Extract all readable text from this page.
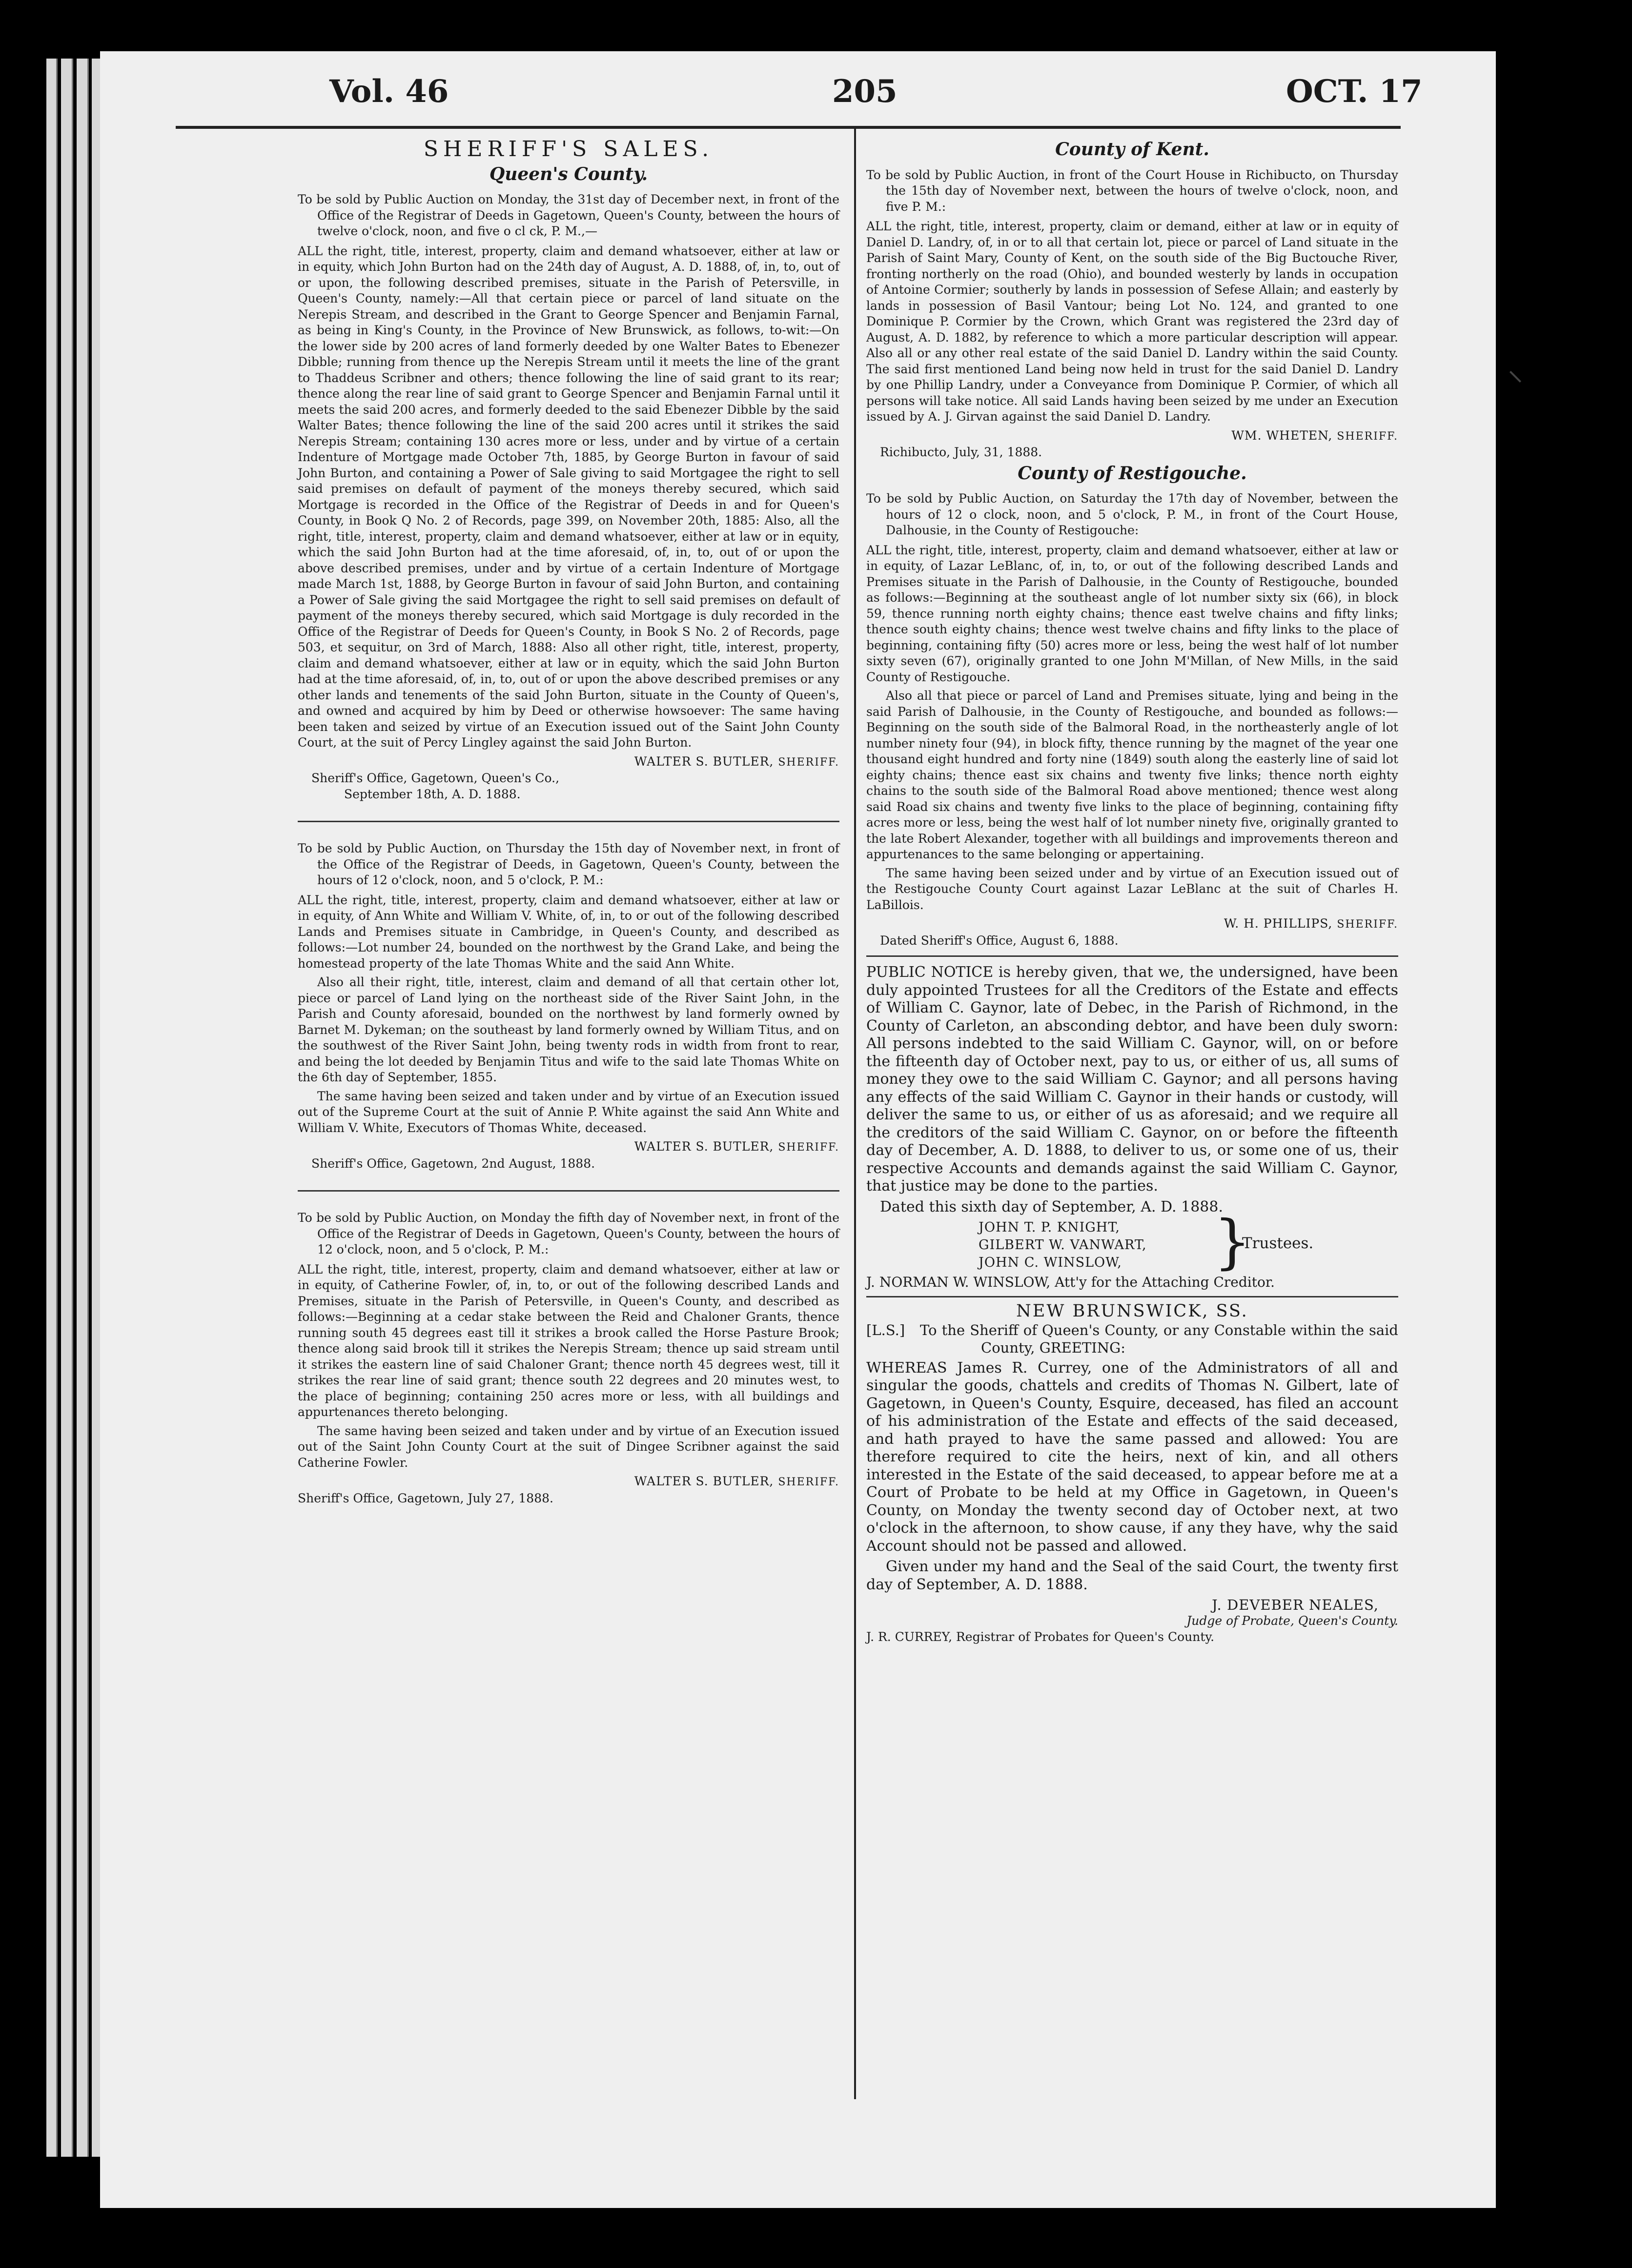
Vol. 46	205	OCT. 17
SHERIFF'S SALES.
Queen's County.

To be sold by Public Auction on Monday, the 31st day of December next, in front of the Office of the Registrar of Deeds in Gagetown, Queen's County, between the hours of twelve o'clock, noon, and five o cl ck, P. M.,—

ALL the right, title, interest, property, claim and demand whatsoever, either at law or in equity, which John Burton had on the 24th day of August, A. D. 1888, of, in, to, out of or upon, the following described premises, situate in the Parish of Petersville, in Queen's County, namely:—All that certain piece or parcel of land situate on the Nerepis Stream, and described in the Grant to George Spencer and Benjamin Farnal, as being in King's County, in the Province of New Brunswick, as follows, to-wit:—On the lower side by 200 acres of land formerly deeded by one Walter Bates to Ebenezer Dibble; running from thence up the Nerepis Stream until it meets the line of the grant to Thaddeus Scribner and others; thence following the line of said grant to its rear; thence along the rear line of said grant to George Spencer and Benjamin Farnal until it meets the said 200 acres, and formerly deeded to the said Ebenezer Dibble by the said Walter Bates; thence following the line of the said 200 acres until it strikes the said Nerepis Stream; containing 130 acres more or less, under and by virtue of a certain Indenture of Mortgage made October 7th, 1885, by George Burton in favour of said John Burton, and containing a Power of Sale giving to said Mortgagee the right to sell said premises on default of payment of the moneys thereby secured, which said Mortgage is recorded in the Office of the Registrar of Deeds in and for Queen's County, in Book Q No. 2 of Records, page 399, on November 20th, 1885: Also, all the right, title, interest, property, claim and demand whatsoever, either at law or in equity, which the said John Burton had at the time aforesaid, of, in, to, out of or upon the above described premises, under and by virtue of a certain Indenture of Mortgage made March 1st, 1888, by George Burton in favour of said John Burton, and containing a Power of Sale giving the said Mortgagee the right to sell said premises on default of payment of the moneys thereby secured, which said Mortgage is duly recorded in the Office of the Registrar of Deeds for Queen's County, in Book S No. 2 of Records, page 503, et sequitur, on 3rd of March, 1888: Also all other right, title, interest, property, claim and demand whatsoever, either at law or in equity, which the said John Burton had at the time aforesaid, of, in, to, out of or upon the above described premises or any other lands and tenements of the said John Burton, situate in the County of Queen's, and owned and acquired by him by Deed or otherwise howsoever: The same having been taken and seized by virtue of an Execution issued out of the Saint John County Court, at the suit of Percy Lingley against the said John Burton.

WALTER S. BUTLER, SHERIFF.
Sheriff's Office, Gagetown, Queen's Co.,
September 18th, A. D. 1888.

To be sold by Public Auction, on Thursday the 15th day of November next, in front of the Office of the Registrar of Deeds, in Gagetown, Queen's County, between the hours of 12 o'clock, noon, and 5 o'clock, P. M.:

ALL the right, title, interest, property, claim and demand whatsoever, either at law or in equity, of Ann White and William V. White, of, in, to or out of the following described Lands and Premises situate in Cambridge, in Queen's County, and described as follows:—Lot number 24, bounded on the northwest by the Grand Lake, and being the homestead property of the late Thomas White and the said Ann White.

Also all their right, title, interest, claim and demand of all that certain other lot, piece or parcel of Land lying on the northeast side of the River Saint John, in the Parish and County aforesaid, bounded on the northwest by land formerly owned by Barnet M. Dykeman; on the southeast by land formerly owned by William Titus, and on the southwest of the River Saint John, being twenty rods in width from front to rear, and being the lot deeded by Benjamin Titus and wife to the said late Thomas White on the 6th day of September, 1855.

The same having been seized and taken under and by virtue of an Execution issued out of the Supreme Court at the suit of Annie P. White against the said Ann White and William V. White, Executors of Thomas White, deceased.

WALTER S. BUTLER, SHERIFF.
Sheriff's Office, Gagetown, 2nd August, 1888.

To be sold by Public Auction, on Monday the fifth day of November next, in front of the Office of the Registrar of Deeds in Gagetown, Queen's County, between the hours of 12 o'clock, noon, and 5 o'clock, P. M.:

ALL the right, title, interest, property, claim and demand whatsoever, either at law or in equity, of Catherine Fowler, of, in, to, or out of the following described Lands and Premises, situate in the Parish of Petersville, in Queen's County, and described as follows:—Beginning at a cedar stake between the Reid and Chaloner Grants, thence running south 45 degrees east till it strikes a brook called the Horse Pasture Brook; thence along said brook till it strikes the Nerepis Stream; thence up said stream until it strikes the eastern line of said Chaloner Grant; thence north 45 degrees west, till it strikes the rear line of said grant; thence south 22 degrees and 20 minutes west, to the place of beginning; containing 250 acres more or less, with all buildings and appurtenances thereto belonging.

The same having been seized and taken under and by virtue of an Execution issued out of the Saint John County Court at the suit of Dingee Scribner against the said Catherine Fowler.

WALTER S. BUTLER, SHERIFF.
Sheriff's Office, Gagetown, July 27, 1888.
County of Kent.

To be sold by Public Auction, in front of the Court House in Richibucto, on Thursday the 15th day of November next, between the hours of twelve o'clock, noon, and five P. M.:

ALL the right, title, interest, property, claim or demand, either at law or in equity of Daniel D. Landry, of, in or to all that certain lot, piece or parcel of Land situate in the Parish of Saint Mary, County of Kent, on the south side of the Big Buctouche River, fronting northerly on the road (Ohio), and bounded westerly by lands in occupation of Antoine Cormier; southerly by lands in possession of Sefese Allain; and easterly by lands in possession of Basil Vantour; being Lot No. 124, and granted to one Dominique P. Cormier by the Crown, which Grant was registered the 23rd day of August, A. D. 1882, by reference to which a more particular description will appear. Also all or any other real estate of the said Daniel D. Landry within the said County. The said first mentioned Land being now held in trust for the said Daniel D. Landry by one Phillip Landry, under a Conveyance from Dominique P. Cormier, of which all persons will take notice. All said Lands having been seized by me under an Execution issued by A. J. Girvan against the said Daniel D. Landry.

WM. WHETEN, SHERIFF.
Richibucto, July, 31, 1888.
County of Restigouche.

To be sold by Public Auction, on Saturday the 17th day of November, between the hours of 12 o clock, noon, and 5 o'clock, P. M., in front of the Court House, Dalhousie, in the County of Restigouche:

ALL the right, title, interest, property, claim and demand whatsoever, either at law or in equity, of Lazar LeBlanc, of, in, to, or out of the following described Lands and Premises situate in the Parish of Dalhousie, in the County of Restigouche, bounded as follows:—Beginning at the southeast angle of lot number sixty six (66), in block 59, thence running north eighty chains; thence east twelve chains and fifty links; thence south eighty chains; thence west twelve chains and fifty links to the place of beginning, containing fifty (50) acres more or less, being the west half of lot number sixty seven (67), originally granted to one John M'Millan, of New Mills, in the said County of Restigouche.

Also all that piece or parcel of Land and Premises situate, lying and being in the said Parish of Dalhousie, in the County of Restigouche, and bounded as follows:—Beginning on the south side of the Balmoral Road, in the northeasterly angle of lot number ninety four (94), in block fifty, thence running by the magnet of the year one thousand eight hundred and forty nine (1849) south along the easterly line of said lot eighty chains; thence east six chains and twenty five links; thence north eighty chains to the south side of the Balmoral Road above mentioned; thence west along said Road six chains and twenty five links to the place of beginning, containing fifty acres more or less, being the west half of lot number ninety five, originally granted to the late Robert Alexander, together with all buildings and improvements thereon and appurtenances to the same belonging or appertaining.

The same having been seized under and by virtue of an Execution issued out of the Restigouche County Court against Lazar LeBlanc at the suit of Charles H. LaBillois.

W. H. PHILLIPS, SHERIFF.
Dated Sheriff's Office, August 6, 1888.

PUBLIC NOTICE is hereby given, that we, the undersigned, have been duly appointed Trustees for all the Creditors of the Estate and effects of William C. Gaynor, late of Debec, in the Parish of Richmond, in the County of Carleton, an absconding debtor, and have been duly sworn: All persons indebted to the said William C. Gaynor, will, on or before the fifteenth day of October next, pay to us, or either of us, all sums of money they owe to the said William C. Gaynor; and all persons having any effects of the said William C. Gaynor in their hands or custody, will deliver the same to us, or either of us as aforesaid; and we require all the creditors of the said William C. Gaynor, on or before the fifteenth day of December, A. D. 1888, to deliver to us, or some one of us, their respective Accounts and demands against the said William C. Gaynor, that justice may be done to the parties.

Dated this sixth day of September, A. D. 1888.
JOHN T. P. KNIGHT,
GILBERT W. VANWART,
JOHN C. WINSLOW,	}
Trustees.
J. NORMAN W. WINSLOW, Att'y for the Attaching Creditor.
NEW BRUNSWICK, SS.

[L.S.] To the Sheriff of Queen's County, or any Constable within the said County, GREETING:

WHEREAS James R. Currey, one of the Administrators of all and singular the goods, chattels and credits of Thomas N. Gilbert, late of Gagetown, in Queen's County, Esquire, deceased, has filed an account of his administration of the Estate and effects of the said deceased, and hath prayed to have the same passed and allowed: You are therefore required to cite the heirs, next of kin, and all others interested in the Estate of the said deceased, to appear before me at a Court of Probate to be held at my Office in Gagetown, in Queen's County, on Monday the twenty second day of October next, at two o'clock in the afternoon, to show cause, if any they have, why the said Account should not be passed and allowed.

Given under my hand and the Seal of the said Court, the twenty first day of September, A. D. 1888.

J. DEVEBER NEALES,
Judge of Probate, Queen's County.
J. R. CURREY, Registrar of Probates for Queen's County.
